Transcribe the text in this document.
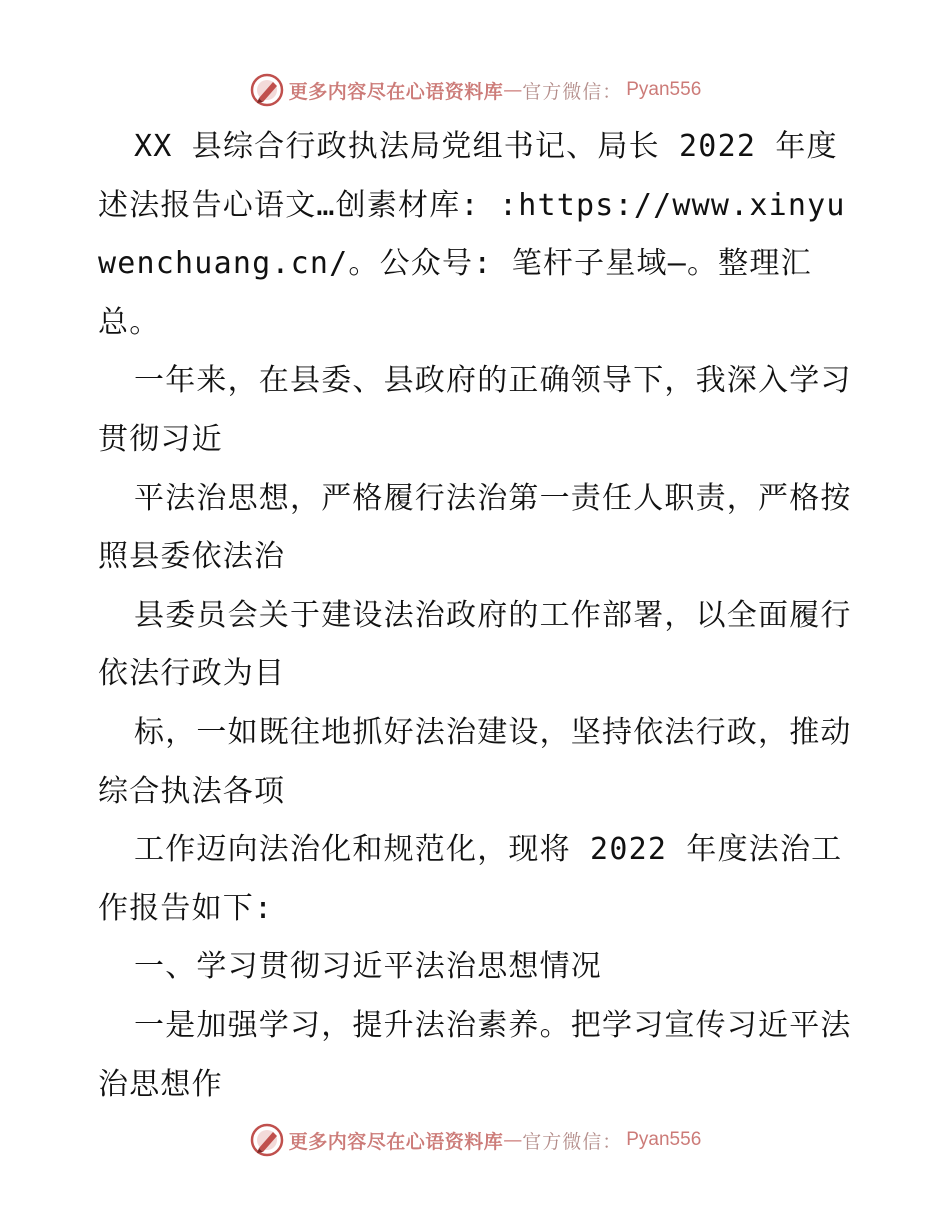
更多内容尽在心语资料库 — 官方微信： Pyan556

XX 县综合行政执法局党组书记、局长 2022 年度述法报告心语文…创素材库: :https://www.xinyuwenchuang.cn/。公众号: 笔杆子星域—。整理汇总。

一年来，在县委、县政府的正确领导下，我深入学习贯彻习近

平法治思想，严格履行法治第一责任人职责，严格按照县委依法治

县委员会关于建设法治政府的工作部署，以全面履行依法行政为目

标，一如既往地抓好法治建设，坚持依法行政，推动综合执法各项

工作迈向法治化和规范化，现将 2022 年度法治工作报告如下:

一、学习贯彻习近平法治思想情况

一是加强学习，提升法治素养。把学习宣传习近平法治思想作

更多内容尽在心语资料库 — 官方微信： Pyan556
